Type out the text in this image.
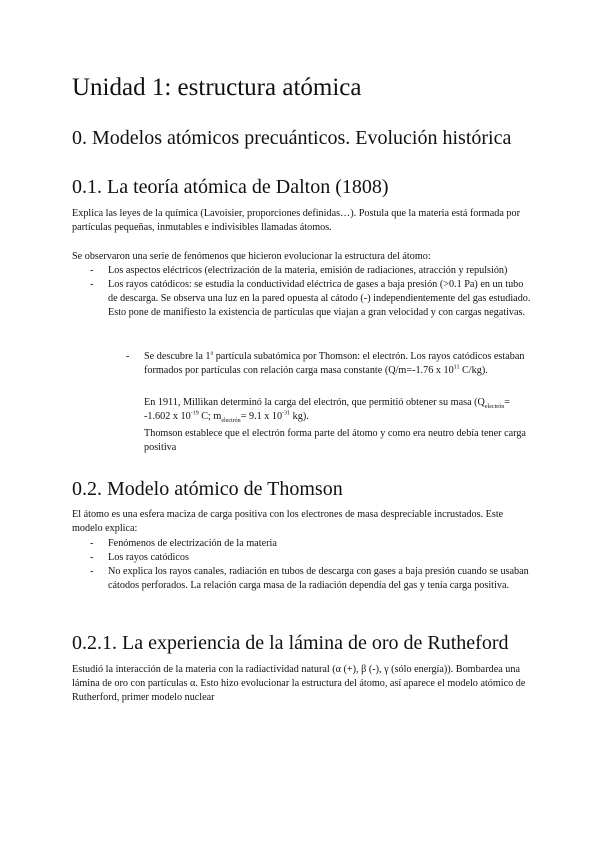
Unidad 1: estructura atómica
0. Modelos atómicos precuánticos. Evolución histórica
0.1. La teoría atómica de Dalton (1808)

Explica las leyes de la química (Lavoisier, proporciones definidas…). Postula que la materia está formada por partículas pequeñas, inmutables e indivisibles llamadas átomos.

Se observaron una serie de fenómenos que hicieron evolucionar la estructura del átomo:

- Los aspectos eléctricos (electrización de la materia, emisión de radiaciones, atracción y repulsión)
- Los rayos catódicos: se estudia la conductividad eléctrica de gases a baja presión (>0.1 Pa) en un tubo de descarga. Se observa una luz en la pared opuesta al cátodo (-) independientemente del gas estudiado. Esto pone de manifiesto la existencia de partículas que viajan a gran velocidad y con cargas negativas.
- Se descubre la 1$^a$ partícula subatómica por Thomson: el electrón. Los rayos catódicos estaban formados por partículas con relación carga masa constante (Q/m=-1.76 x $10^{11}$ C/kg).

En 1911, Millikan determinó la carga del electrón, que permitió obtener su masa ($Q_{electrón}= -1.602$ x $10^{-19}$ C; $m_{electrón}= 9.1$ x $10^{-31}$ kg).

Thomson establece que el electrón forma parte del átomo y como era neutro debía tener carga positiva

0.2. Modelo atómico de Thomson

El átomo es una esfera maciza de carga positiva con los electrones de masa despreciable incrustados. Este modelo explica:

- Fenómenos de electrización de la materia
- Los rayos catódicos
- No explica los rayos canales, radiación en tubos de descarga con gases a baja presión cuando se usaban cátodos perforados. La relación carga masa de la radiación dependía del gas y tenía carga positiva.
0.2.1. La experiencia de la lámina de oro de Rutheford

Estudió la interacción de la materia con la radiactividad natural (α (+), β (-), γ (sólo energía)). Bombardea una lámina de oro con partículas α. Esto hizo evolucionar la estructura del átomo, así aparece el modelo atómico de Rutherford, primer modelo nuclear
